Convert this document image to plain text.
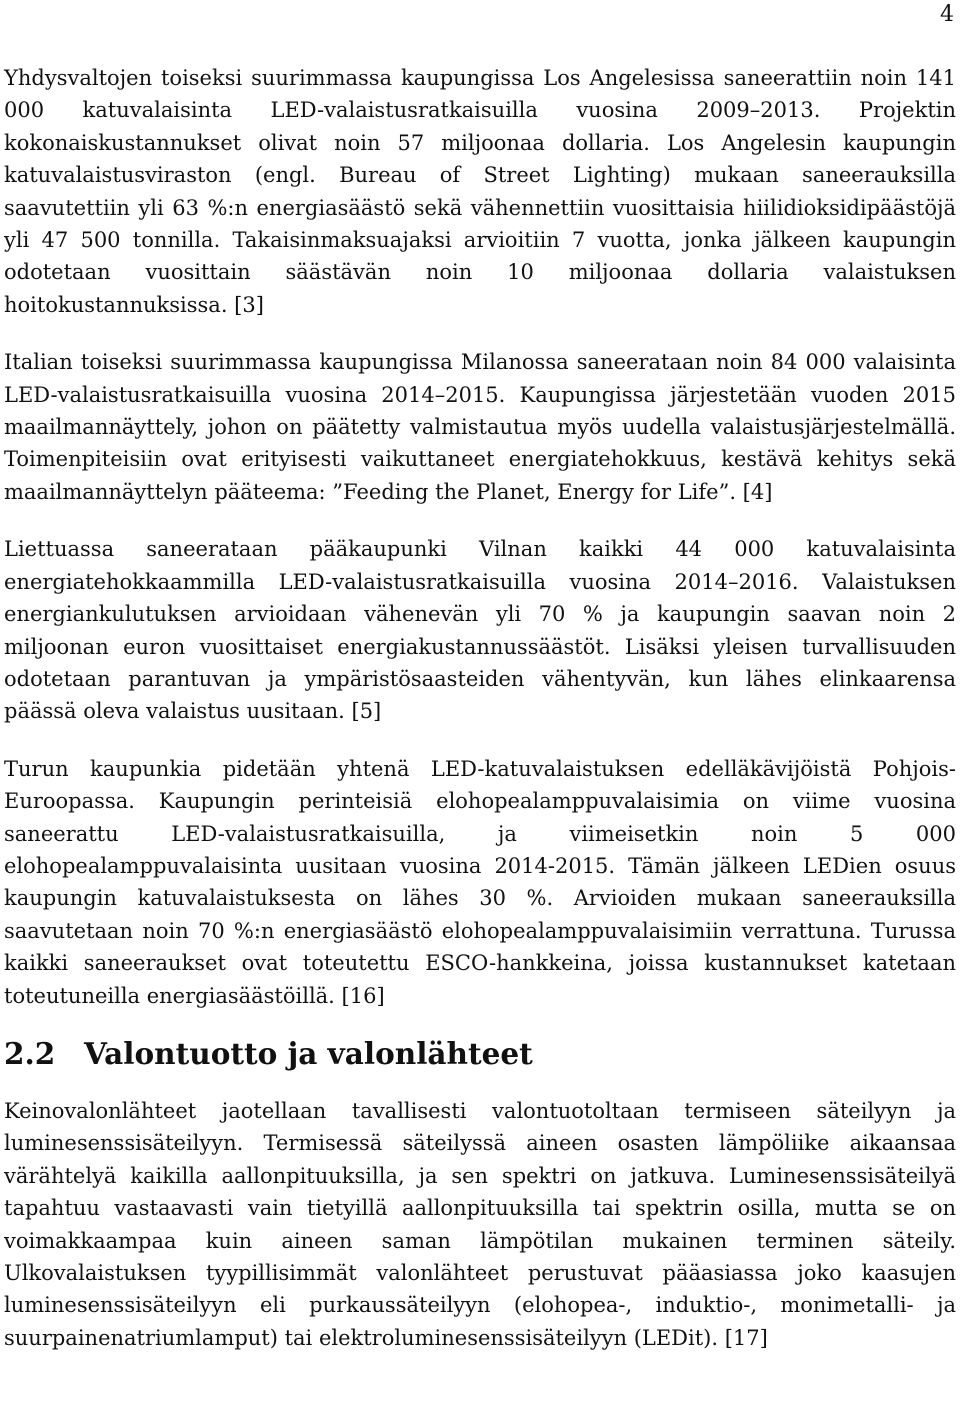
4

Yhdysvaltojen toiseksi suurimmassa kaupungissa Los Angelesissa saneerattiin noin 141 000 katuvalaisinta LED-valaistusratkaisuilla vuosina 2009–2013. Projektin kokonaiskustannukset olivat noin 57 miljoonaa dollaria. Los Angelesin kaupungin katuvalaistusviraston (engl. Bureau of Street Lighting) mukaan saneerauksilla saavutettiin yli 63 %:n energiasäästö sekä vähennettiin vuosittaisia hiilidioksidipäästöjä yli 47 500 tonnilla. Takaisinmaksuajaksi arvioitiin 7 vuotta, jonka jälkeen kaupungin odotetaan vuosittain säästävän noin 10 miljoonaa dollaria valaistuksen hoitokustannuksissa. [3]

Italian toiseksi suurimmassa kaupungissa Milanossa saneerataan noin 84 000 valaisinta LED-valaistusratkaisuilla vuosina 2014–2015. Kaupungissa järjestetään vuoden 2015 maailmannäyttely, johon on päätetty valmistautua myös uudella valaistusjärjestelmällä. Toimenpiteisiin ovat erityisesti vaikuttaneet energiatehokkuus, kestävä kehitys sekä maailmannäyttelyn pääteema: ”Feeding the Planet, Energy for Life”. [4]

Liettuassa saneerataan pääkaupunki Vilnan kaikki 44 000 katuvalaisinta energiatehokkaammilla LED-valaistusratkaisuilla vuosina 2014–2016. Valaistuksen energiankulutuksen arvioidaan vähenevän yli 70 % ja kaupungin saavan noin 2 miljoonan euron vuosittaiset energiakustannussäästöt. Lisäksi yleisen turvallisuuden odotetaan parantuvan ja ympäristösaasteiden vähentyvän, kun lähes elinkaarensa päässä oleva valaistus uusitaan. [5]

Turun kaupunkia pidetään yhtenä LED-katuvalaistuksen edelläkävijöistä Pohjois-Euroopassa. Kaupungin perinteisiä elohopealamppuvalaisimia on viime vuosina saneerattu LED-valaistusratkaisuilla, ja viimeisetkin noin 5 000 elohopealamppuvalaisinta uusitaan vuosina 2014-2015. Tämän jälkeen LEDien osuus kaupungin katuvalaistuksesta on lähes 30 %. Arvioiden mukaan saneerauksilla saavutetaan noin 70 %:n energiasäästö elohopealamppuvalaisimiin verrattuna. Turussa kaikki saneeraukset ovat toteutettu ESCO-hankkeina, joissa kustannukset katetaan toteutuneilla energiasäästöillä. [16]

2.2 Valontuotto ja valonlähteet

Keinovalonlähteet jaotellaan tavallisesti valontuotoltaan termiseen säteilyyn ja luminesenssisäteilyyn. Termisessä säteilyssä aineen osasten lämpöliike aikaansaa värähtelyä kaikilla aallonpituuksilla, ja sen spektri on jatkuva. Luminesenssisäteilyä tapahtuu vastaavasti vain tietyillä aallonpituuksilla tai spektrin osilla, mutta se on voimakkaampaa kuin aineen saman lämpötilan mukainen terminen säteily. Ulkovalaistuksen tyypillisimmät valonlähteet perustuvat pääasiassa joko kaasujen luminesenssisäteilyyn eli purkaussäteilyyn (elohopea-, induktio-, monimetalli- ja suurpainenatriumlamput) tai elektroluminesenssisäteilyyn (LEDit). [17]
